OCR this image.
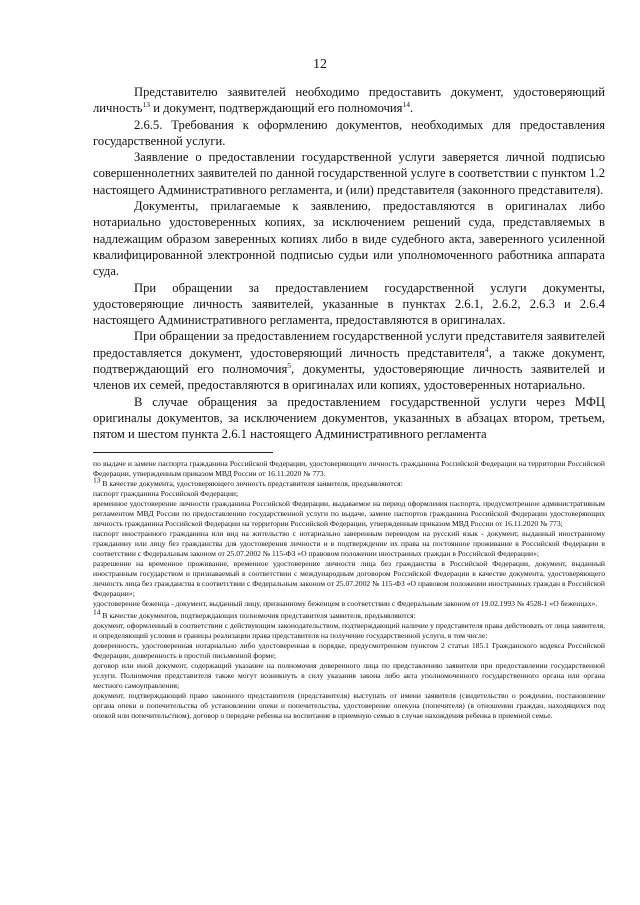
12

Представителю заявителей необходимо предоставить документ, удостоверяющий личность$^{13}$ и документ, подтверждающий его полномочия$^{14}$.

2.6.5. Требования к оформлению документов, необходимых для предоставления государственной услуги.

Заявление о предоставлении государственной услуги заверяется личной подписью совершеннолетних заявителей по данной государственной услуге в соответствии с пунктом 1.2 настоящего Административного регламента, и (или) представителя (законного представителя).

Документы, прилагаемые к заявлению, предоставляются в оригиналах либо нотариально удостоверенных копиях, за исключением решений суда, представляемых в надлежащим образом заверенных копиях либо в виде судебного акта, заверенного усиленной квалифицированной электронной подписью судьи или уполномоченного работника аппарата суда.

При обращении за предоставлением государственной услуги документы, удостоверяющие личность заявителей, указанные в пунктах 2.6.1, 2.6.2, 2.6.3 и 2.6.4 настоящего Административного регламента, предоставляются в оригиналах.

При обращении за предоставлением государственной услуги представителя заявителей предоставляется документ, удостоверяющий личность представителя$^4$, а также документ, подтверждающий его полномочия$^5$, документы, удостоверяющие личность заявителей и членов их семей, предоставляются в оригиналах или копиях, удостоверенных нотариально.

В случае обращения за предоставлением государственной услуги через МФЦ оригиналы документов, за исключением документов, указанных в абзацах втором, третьем, пятом и шестом пункта 2.6.1 настоящего Административного регламента

по выдаче и замене паспорта гражданина Российской Федерации, удостоверяющего личность гражданина Российской Федерации на территории Российской Федерации, утвержденным приказом МВД России от 16.11.2020 № 773.

$^{13}$ В качестве документа, удостоверяющего личность представителя заявителя, предъявляются:

паспорт гражданина Российской Федерации;

временное удостоверение личности гражданина Российской Федерации, выдаваемое на период оформления паспорта, предусмотренное административным регламентом МВД России по предоставлению государственной услуги по выдаче, замене паспортов гражданина Российской Федерации удостоверяющих личность гражданина Российской Федерации на территории Российской Федерации, утвержденным приказом МВД России от 16.11.2020 № 773;

паспорт иностранного гражданина или вид на жительство с нотариально заверенным переводом на русский язык - документ, выданный иностранному гражданину или лицу без гражданства для удостоверения личности и в подтверждение их права на постоянное проживание в Российской Федерации в соответствии с Федеральным законом от 25.07.2002 № 115-ФЗ «О правовом положении иностранных граждан в Российской Федерации»;

разрешение на временное проживание, временное удостоверение личности лица без гражданства в Российской Федерации, документ, выданный иностранным государством и признаваемый в соответствии с международным договором Российской Федерации в качестве документа, удостоверяющего личность лица без гражданства в соответствии с Федеральным законом от 25.07.2002 № 115-ФЗ «О правовом положении иностранных граждан в Российской Федерации»;

удостоверение беженца - документ, выданный лицу, признанному беженцем в соответствии с Федеральным законом от 19.02.1993 № 4528-1 «О беженцах».

$^{14}$ В качестве документов, подтверждающих полномочия представителя заявителя, предъявляются:

документ, оформленный в соответствии с действующим законодательством, подтверждающий наличие у представителя права действовать от лица заявителя, и определяющий условия и границы реализации права представителя на получение государственной услуги, в том числе:

доверенность, удостоверенная нотариально либо удостоверенная в порядке, предусмотренном пунктом 2 статьи 185.1 Гражданского кодекса Российской Федерации, доверенность в простой письменной форме;

договор или иной документ, содержащий указание на полномочия доверенного лица по представлению заявителя при предоставлении государственной услуги. Полномочия представителя также могут возникнуть в силу указания закона либо акта уполномоченного государственного органа или органа местного самоуправления;

документ, подтверждающий право законного представителя (представителя) выступать от имени заявителя (свидетельство о рождении, постановление органа опеки и попечительства об установлении опеки и попечительства, удостоверение опекуна (попечителя) (в отношении граждан, находящихся под опекой или попечительством), договор о передаче ребенка на воспитание в приемную семью в случае нахождения ребенка в приемной семье.
